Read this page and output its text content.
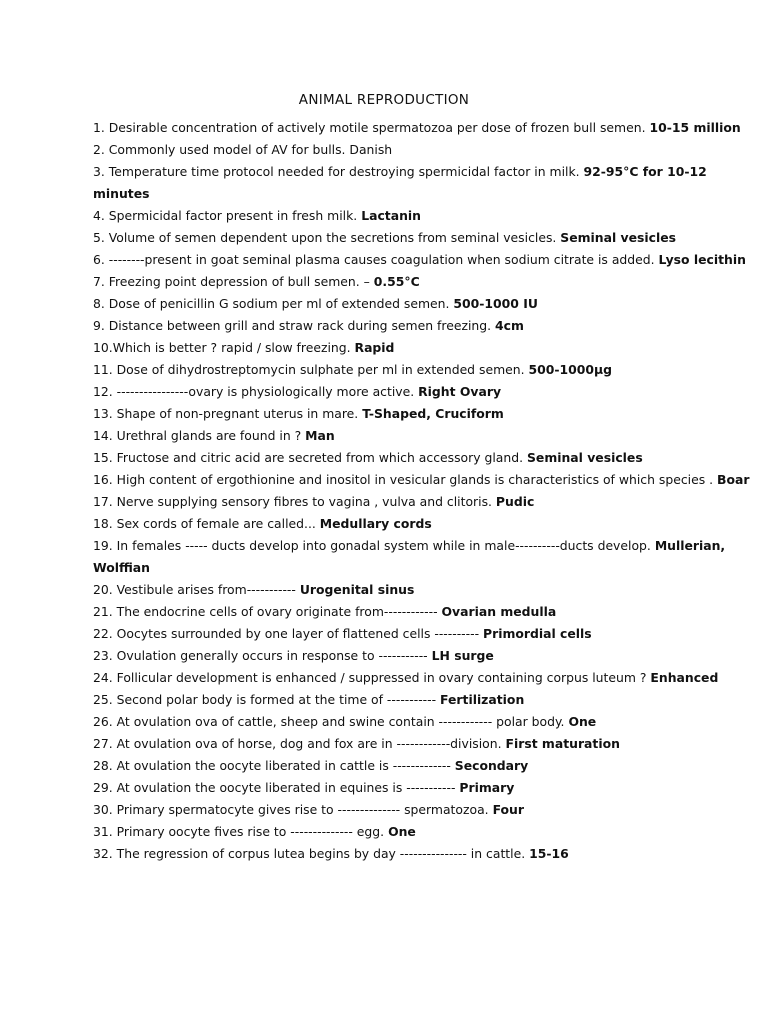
ANIMAL REPRODUCTION
1. Desirable concentration of actively motile spermatozoa per dose of frozen bull semen. 10-15 million
2. Commonly used model of AV for bulls. Danish
3. Temperature time protocol needed for destroying spermicidal factor in milk. 92-95°C for 10-12 minutes
4. Spermicidal factor present in fresh milk. Lactanin
5. Volume of semen dependent upon the secretions from seminal vesicles. Seminal vesicles
6. --------present in goat seminal plasma causes coagulation when sodium citrate is added. Lyso lecithin
7. Freezing point depression of bull semen. – 0.55°C
8. Dose of penicillin G sodium per ml of extended semen. 500-1000 IU
9. Distance between grill and straw rack during semen freezing. 4cm
10.Which is better ? rapid / slow freezing. Rapid
11. Dose of dihydrostreptomycin sulphate per ml in extended semen. 500-1000µg
12. ----------------ovary is physiologically more active. Right Ovary
13. Shape of non-pregnant uterus in mare. T-Shaped, Cruciform
14. Urethral glands are found in ? Man
15. Fructose and citric acid are secreted from which accessory gland. Seminal vesicles
16. High content of ergothionine and inositol in vesicular glands is characteristics of which species . Boar
17. Nerve supplying sensory fibres to vagina , vulva and clitoris. Pudic
18. Sex cords of female are called... Medullary cords
19. In females ----- ducts develop into gonadal system while in male----------ducts develop. Mullerian, Wolffian
20. Vestibule arises from----------- Urogenital sinus
21. The endocrine cells of ovary originate from------------ Ovarian medulla
22. Oocytes surrounded by one layer of flattened cells ---------- Primordial cells
23. Ovulation generally occurs in response to ----------- LH surge
24. Follicular development is enhanced / suppressed in ovary containing corpus luteum ? Enhanced
25. Second polar body is formed at the time of ----------- Fertilization
26. At ovulation ova of cattle, sheep and swine contain ------------ polar body. One
27. At ovulation ova of horse, dog and fox are in ------------division. First maturation
28. At ovulation the oocyte liberated in cattle is ------------- Secondary
29. At ovulation the oocyte liberated in equines is ----------- Primary
30. Primary spermatocyte gives rise to -------------- spermatozoa. Four
31. Primary oocyte fives rise to -------------- egg. One
32. The regression of corpus lutea begins by day --------------- in cattle. 15-16
